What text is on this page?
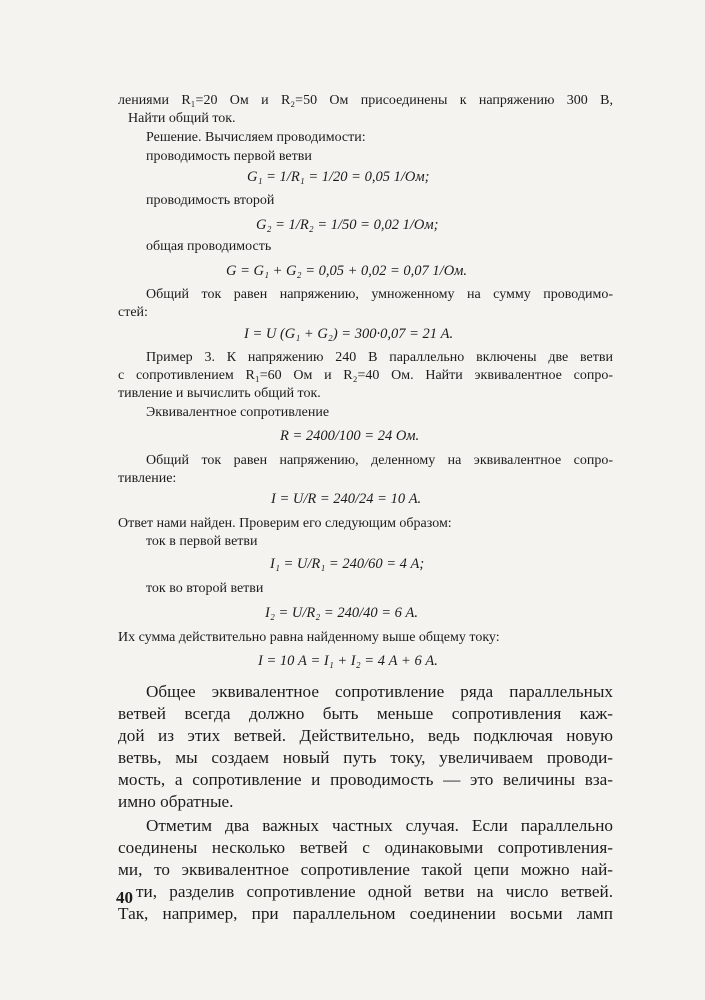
лениями R₁=20 Ом и R₂=50 Ом присоединены к напряжению 300 В,
Найти общий ток.
Решение. Вычисляем проводимости:
проводимость первой ветви
G₁ = 1/R₁ = 1/20 = 0,05 1/Ом;
проводимость второй
G₂ = 1/R₂ = 1/50 = 0,02 1/Ом;
общая проводимость
G = G₁ + G₂ = 0,05 + 0,02 = 0,07 1/Ом.
Общий ток равен напряжению, умноженному на сумму проводимо-
стей:
I = U (G₁ + G₂) = 300·0,07 = 21 А.
Пример 3. К напряжению 240 В параллельно включены две ветви
с сопротивлением R₁=60 Ом и R₂=40 Ом. Найти эквивалентное сопро-
тивление и вычислить общий ток.
Эквивалентное сопротивление
R = 2400/100 = 24 Ом.
Общий ток равен напряжению, деленному на эквивалентное сопро-
тивление:
I = U/R = 240/24 = 10 А.
Ответ нами найден. Проверим его следующим образом:
ток в первой ветви
I₁ = U/R₁ = 240/60 = 4 А;
ток во второй ветви
I₂ = U/R₂ = 240/40 = 6 А.
Их сумма действительно равна найденному выше общему току:
I = 10 А = I₁ + I₂ = 4 А + 6 А.
Общее эквивалентное сопротивление ряда параллельных
ветвей всегда должно быть меньше сопротивления каж-
дой из этих ветвей. Действительно, ведь подключая новую
ветвь, мы создаем новый путь току, увеличиваем проводи-
мость, а сопротивление и проводимость — это величины вза-
имно обратные.
Отметим два важных частных случая. Если параллельно
соединены несколько ветвей с одинаковыми сопротивления-
ми, то эквивалентное сопротивление такой цепи можно най-
ти, разделив сопротивление одной ветви на число ветвей.
Так, например, при параллельном соединении восьми ламп
40
